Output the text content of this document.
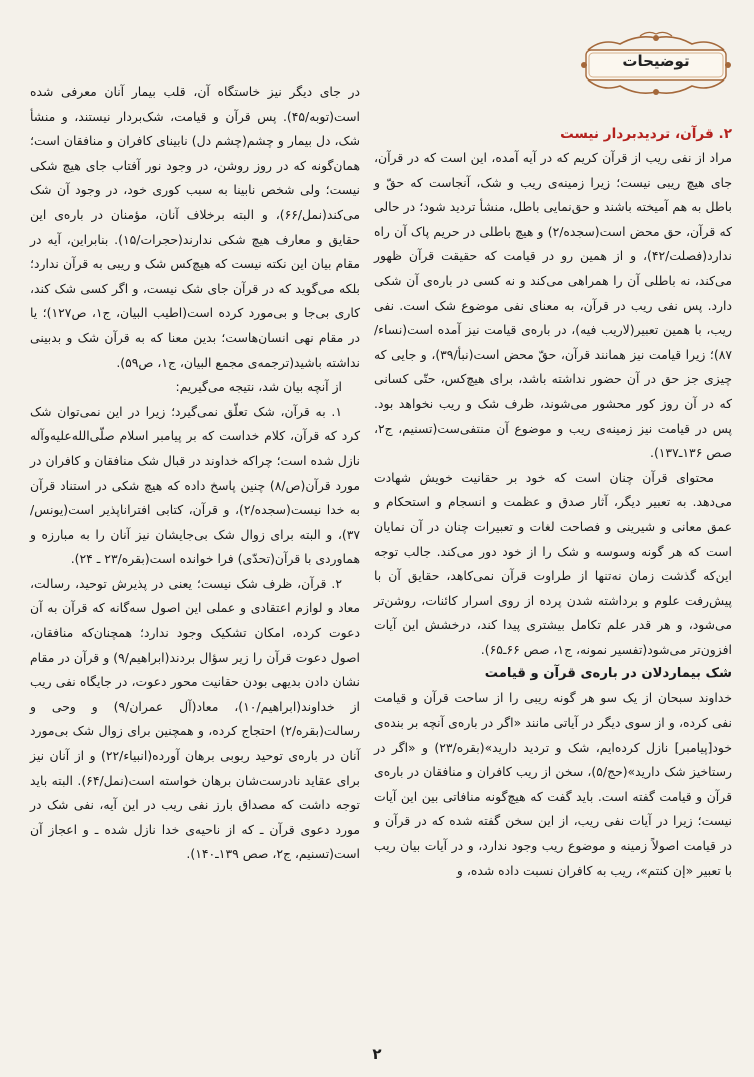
توضیحات
۲. قرآن، تردیدبردار نیست

مراد از نفی ریب از قرآن کریم که در آیه آمده، این است که در قرآن، جای هیچ ریبی نیست؛ زیرا زمینه‌ی ریب و شک، آنجاست که حقّ و باطل به هم آمیخته باشند و حق‌نمایی باطل، منشأ تردید شود؛ در حالی که قرآن، حق محض است(سجده/۲) و هیچ باطلی در حریم پاک آن راه ندارد(فصلت/۴۲)، و از همین رو در قیامت که حقیقت قرآن ظهور می‌کند، نه باطلی آن را همراهی می‌کند و نه کسی در باره‌ی آن شکی دارد. پس نفی ریب در قرآن، به معنای نفی موضوع شک است. نفی ریب، با همین تعبیر(لاریب فیه)، در باره‌ی قیامت نیز آمده است(نساء/۸۷)؛ زیرا قیامت نیز همانند قرآن، حقّ محض است(نبأ/۳۹)، و جایی که چیزی جز حق در آن حضور نداشته باشد، برای هیچ‌کس، حتّی کسانی که در آن روز کور محشور می‌شوند، ظرف شک و ریب نخواهد بود. پس در قیامت نیز زمینه‌ی ریب و موضوع آن منتفی‌ست(تسنیم، ج۲، صص ۱۳۶ـ۱۳۷).

محتوای قرآن چنان است که خود بر حقانیت خویش شهادت می‌دهد. به تعبیر دیگر، آثار صدق و عظمت و انسجام و استحکام و عمق معانی و شیرینی و فصاحت لغات و تعبیرات چنان در آن نمایان است که هر گونه وسوسه و شک را از خود دور می‌کند. جالب توجه این‌که گذشت زمان نه‌تنها از طراوت قرآن نمی‌کاهد، حقایق آن با پیش‌رفت علوم و برداشته شدن پرده از روی اسرار کائنات، روشن‌تر می‌شود، و هر قدر علم تکامل بیشتری پیدا کند، درخشش این آیات افزون‌تر می‌شود(تفسیر نمونه، ج۱، صص ۶۶ـ۶۵).

شک بیماردلان در باره‌ی قرآن و قیامت

خداوند سبحان از یک سو هر گونه ریبی را از ساحت قرآن و قیامت نفی کرده، و از سوی دیگر در آیاتی مانند «اگر در باره‌ی آنچه بر بنده‌ی خود[پیامبر] نازل کرده‌ایم، شک و تردید دارید»(بقره/۲۳) و «اگر در رستاخیز شک دارید»(حج/۵)، سخن از ریب کافران و منافقان در باره‌ی قرآن و قیامت گفته است. باید گفت که هیچ‌گونه منافاتی بین این آیات نیست؛ زیرا در آیات نفی ریب، از این سخن گفته شده که در قرآن و در قیامت اصولاً زمینه و موضوع ریب وجود ندارد، و در آیات بیان ریب با تعبیر «إن کنتم»، ریب به کافران نسبت داده شده، و

در جای دیگر نیز خاستگاه آن، قلب بیمار آنان معرفی شده است(توبه/۴۵). پس قرآن و قیامت، شک‌بردار نیستند، و منشأ شک، دل بیمار و چشم(چشم دل) نابینای کافران و منافقان است؛ همان‌گونه که در روز روشن، در وجود نور آفتاب جای هیچ شکی نیست؛ ولی شخص نابینا به سبب کوری خود، در وجود آن شک می‌کند(نمل/۶۶)، و البته برخلاف آنان، مؤمنان در باره‌ی این حقایق و معارف هیچ شکی ندارند(حجرات/۱۵). بنابراین، آیه در مقام بیان این نکته نیست که هیچ‌کس شک و ریبی به قرآن ندارد؛ بلکه می‌گوید که در قرآن جای شک نیست، و اگر کسی شک کند، کاری بی‌جا و بی‌مورد کرده است(اطیب البیان، ج۱، ص۱۲۷)؛ یا در مقام نهی انسان‌هاست؛ بدین معنا که به قرآن شک و بدبینی نداشته باشید(ترجمه‌ی مجمع البیان، ج۱، ص۵۹).

از آنچه بیان شد، نتیجه می‌گیریم:

۱. به قرآن، شک تعلّق نمی‌گیرد؛ زیرا در این نمی‌توان شک کرد که قرآن، کلام خداست که بر پیامبر اسلام صلّی‌الله‌علیه‌وآله نازل شده است؛ چراکه خداوند در قبال شک منافقان و کافران در مورد قرآن(ص/۸) چنین پاسخ داده که هیچ شکی در استناد قرآن به خدا نیست(سجده/۲)، و قرآن، کتابی افتراناپذیر است(یونس/۳۷)، و البته برای زوال شک بی‌جایشان نیز آنان را به مبارزه و هماوردی با قرآن(تحدّی) فرا خوانده است(بقره/۲۳ ـ ۲۴).

۲. قرآن، ظرف شک نیست؛ یعنی در پذیرش توحید، رسالت، معاد و لوازم اعتقادی و عملی این اصول سه‌گانه که قرآن به آن دعوت کرده، امکان تشکیک وجود ندارد؛ همچنان‌که منافقان، اصول دعوت قرآن را زیر سؤال بردند(ابراهیم/۹) و قرآن در مقام نشان دادن بدیهی بودن حقانیت محور دعوت، در جایگاه نفی ریب از خداوند(ابراهیم/۱۰)، معاد(آل عمران/۹) و وحی و رسالت(بقره/۲) احتجاج کرده، و همچنین برای زوال شک بی‌مورد آنان در باره‌ی توحید ربوبی برهان آورده(انبیاء/۲۲) و از آنان نیز برای عقاید نادرست‌شان برهان خواسته است(نمل/۶۴). البته باید توجه داشت که مصداق بارز نفی ریب در این آیه، نفی شک در مورد دعوی قرآن ـ که از ناحیه‌ی خدا نازل شده ـ و اعجاز آن است(تسنیم، ج۲، صص ۱۳۹ـ۱۴۰).

۲
